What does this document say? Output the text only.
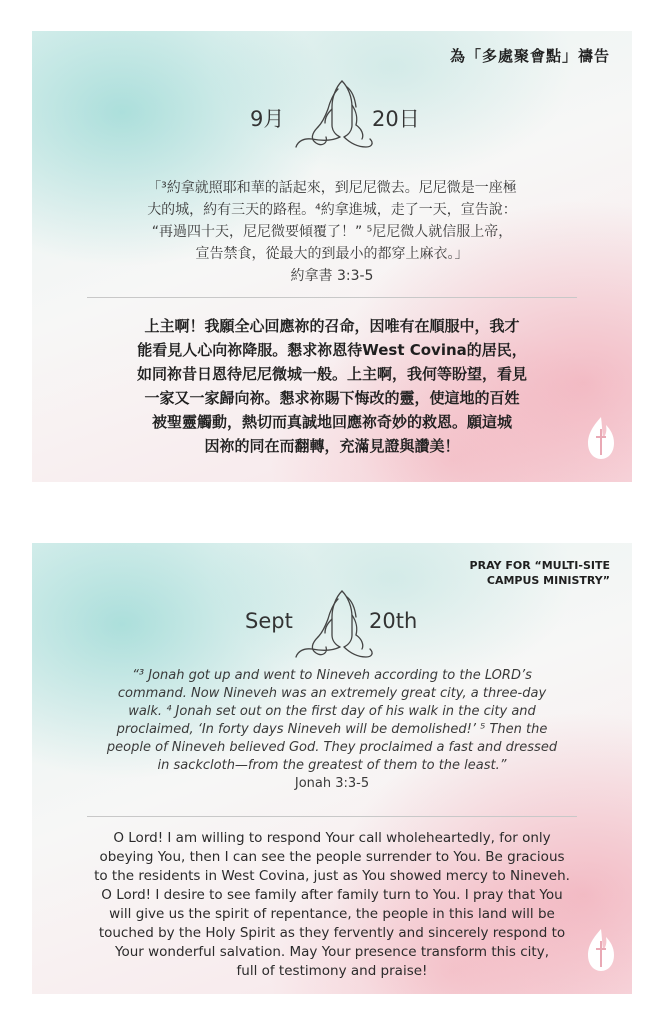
為「多處聚會點」禱告
9月	20日
「³約拿就照耶和華的話起來，到尼尼微去。尼尼微是一座極
大的城，約有三天的路程。⁴約拿進城，走了一天，宣告說：
“再過四十天，尼尼微要傾覆了！” ⁵尼尼微人就信服上帝，
宣告禁食，從最大的到最小的都穿上麻衣。」
約拿書 3:3-5
上主啊！我願全心回應祢的召命，因唯有在順服中，我才
能看見人心向祢降服。懇求祢恩待West Covina的居民，
如同祢昔日恩待尼尼微城一般。上主啊，我何等盼望，看見
一家又一家歸向祢。懇求祢賜下悔改的靈，使這地的百姓
被聖靈觸動，熱切而真誠地回應祢奇妙的救恩。願這城
因祢的同在而翻轉，充滿見證與讚美！
PRAY FOR “MULTI-SITE
CAMPUS MINISTRY”
Sept	20th
“³ Jonah got up and went to Nineveh according to the LORD’s
command. Now Nineveh was an extremely great city, a three-day
walk. ⁴ Jonah set out on the first day of his walk in the city and
proclaimed, ‘In forty days Nineveh will be demolished!’ ⁵ Then the
people of Nineveh believed God. They proclaimed a fast and dressed
in sackcloth—from the greatest of them to the least.”
Jonah 3:3-5
O Lord! I am willing to respond Your call wholeheartedly, for only
obeying You, then I can see the people surrender to You. Be gracious
to the residents in West Covina, just as You showed mercy to Nineveh.
O Lord! I desire to see family after family turn to You. I pray that You
will give us the spirit of repentance, the people in this land will be
touched by the Holy Spirit as they fervently and sincerely respond to
Your wonderful salvation. May Your presence transform this city,
full of testimony and praise!
